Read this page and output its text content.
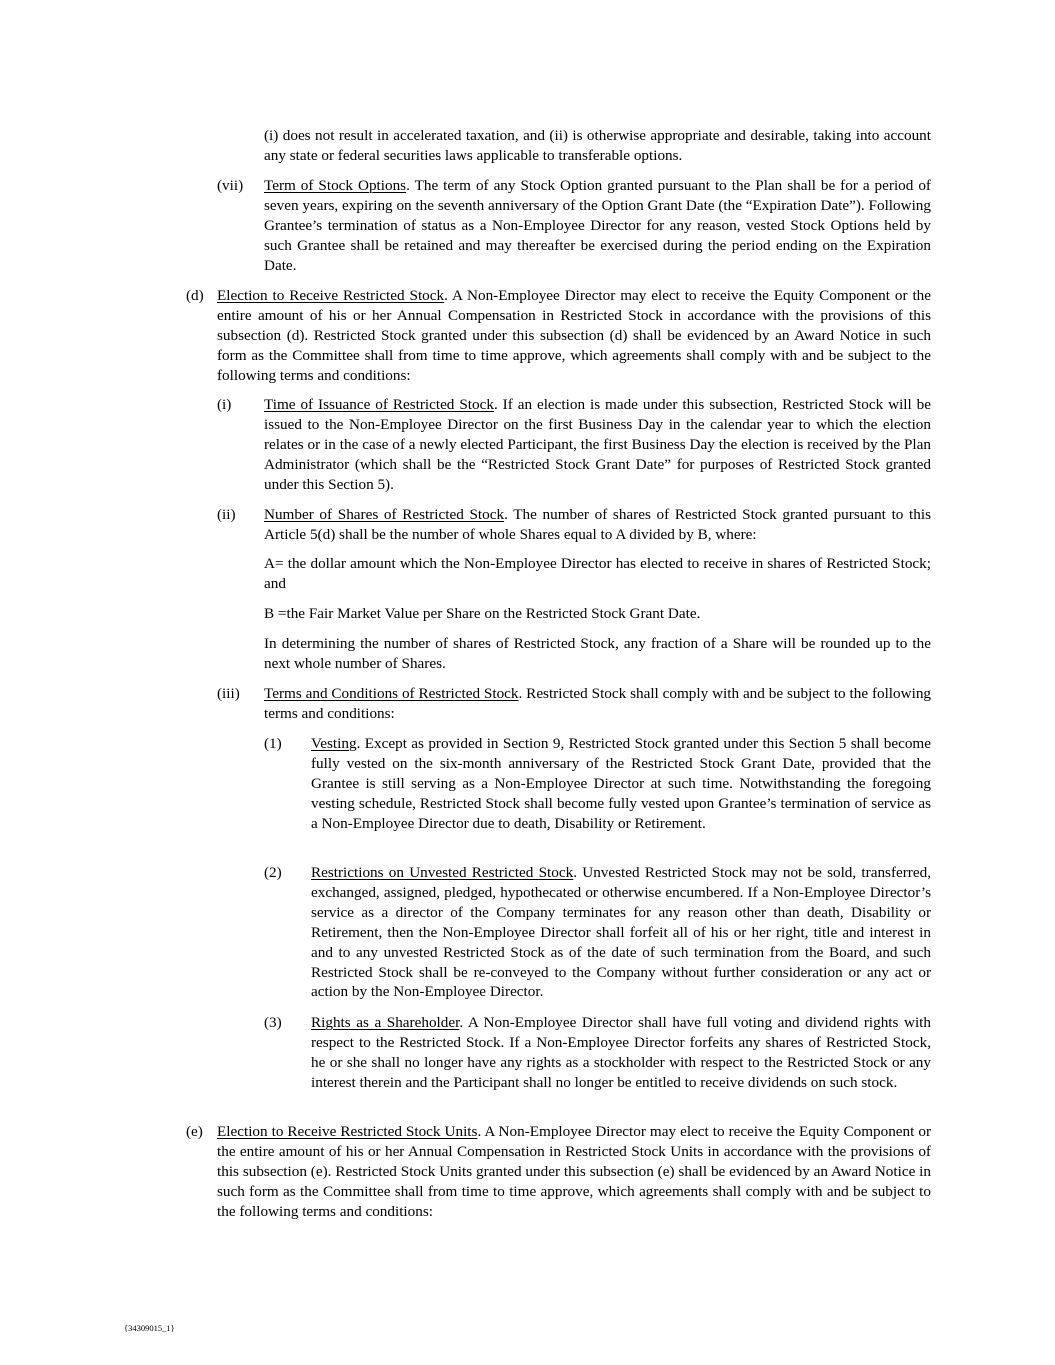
(i) does not result in accelerated taxation, and (ii) is otherwise appropriate and desirable, taking into account any state or federal securities laws applicable to transferable options.

(vii) Term of Stock Options. The term of any Stock Option granted pursuant to the Plan shall be for a period of seven years, expiring on the seventh anniversary of the Option Grant Date (the “Expiration Date”). Following Grantee’s termination of status as a Non-Employee Director for any reason, vested Stock Options held by such Grantee shall be retained and may thereafter be exercised during the period ending on the Expiration Date.

(d) Election to Receive Restricted Stock. A Non-Employee Director may elect to receive the Equity Component or the entire amount of his or her Annual Compensation in Restricted Stock in accordance with the provisions of this subsection (d). Restricted Stock granted under this subsection (d) shall be evidenced by an Award Notice in such form as the Committee shall from time to time approve, which agreements shall comply with and be subject to the following terms and conditions:

(i) Time of Issuance of Restricted Stock. If an election is made under this subsection, Restricted Stock will be issued to the Non-Employee Director on the first Business Day in the calendar year to which the election relates or in the case of a newly elected Participant, the first Business Day the election is received by the Plan Administrator (which shall be the “Restricted Stock Grant Date” for purposes of Restricted Stock granted under this Section 5).

(ii) Number of Shares of Restricted Stock. The number of shares of Restricted Stock granted pursuant to this Article 5(d) shall be the number of whole Shares equal to A divided by B, where:

A= the dollar amount which the Non-Employee Director has elected to receive in shares of Restricted Stock; and

B =the Fair Market Value per Share on the Restricted Stock Grant Date.

In determining the number of shares of Restricted Stock, any fraction of a Share will be rounded up to the next whole number of Shares.

(iii) Terms and Conditions of Restricted Stock. Restricted Stock shall comply with and be subject to the following terms and conditions:

(1) Vesting. Except as provided in Section 9, Restricted Stock granted under this Section 5 shall become fully vested on the six-month anniversary of the Restricted Stock Grant Date, provided that the Grantee is still serving as a Non-Employee Director at such time. Notwithstanding the foregoing vesting schedule, Restricted Stock shall become fully vested upon Grantee’s termination of service as a Non-Employee Director due to death, Disability or Retirement.

(2) Restrictions on Unvested Restricted Stock. Unvested Restricted Stock may not be sold, transferred, exchanged, assigned, pledged, hypothecated or otherwise encumbered. If a Non-Employee Director’s service as a director of the Company terminates for any reason other than death, Disability or Retirement, then the Non-Employee Director shall forfeit all of his or her right, title and interest in and to any unvested Restricted Stock as of the date of such termination from the Board, and such Restricted Stock shall be re-conveyed to the Company without further consideration or any act or action by the Non-Employee Director.

(3) Rights as a Shareholder. A Non-Employee Director shall have full voting and dividend rights with respect to the Restricted Stock. If a Non-Employee Director forfeits any shares of Restricted Stock, he or she shall no longer have any rights as a stockholder with respect to the Restricted Stock or any interest therein and the Participant shall no longer be entitled to receive dividends on such stock.

(e) Election to Receive Restricted Stock Units. A Non-Employee Director may elect to receive the Equity Component or the entire amount of his or her Annual Compensation in Restricted Stock Units in accordance with the provisions of this subsection (e). Restricted Stock Units granted under this subsection (e) shall be evidenced by an Award Notice in such form as the Committee shall from time to time approve, which agreements shall comply with and be subject to the following terms and conditions:

{34309015_1}
